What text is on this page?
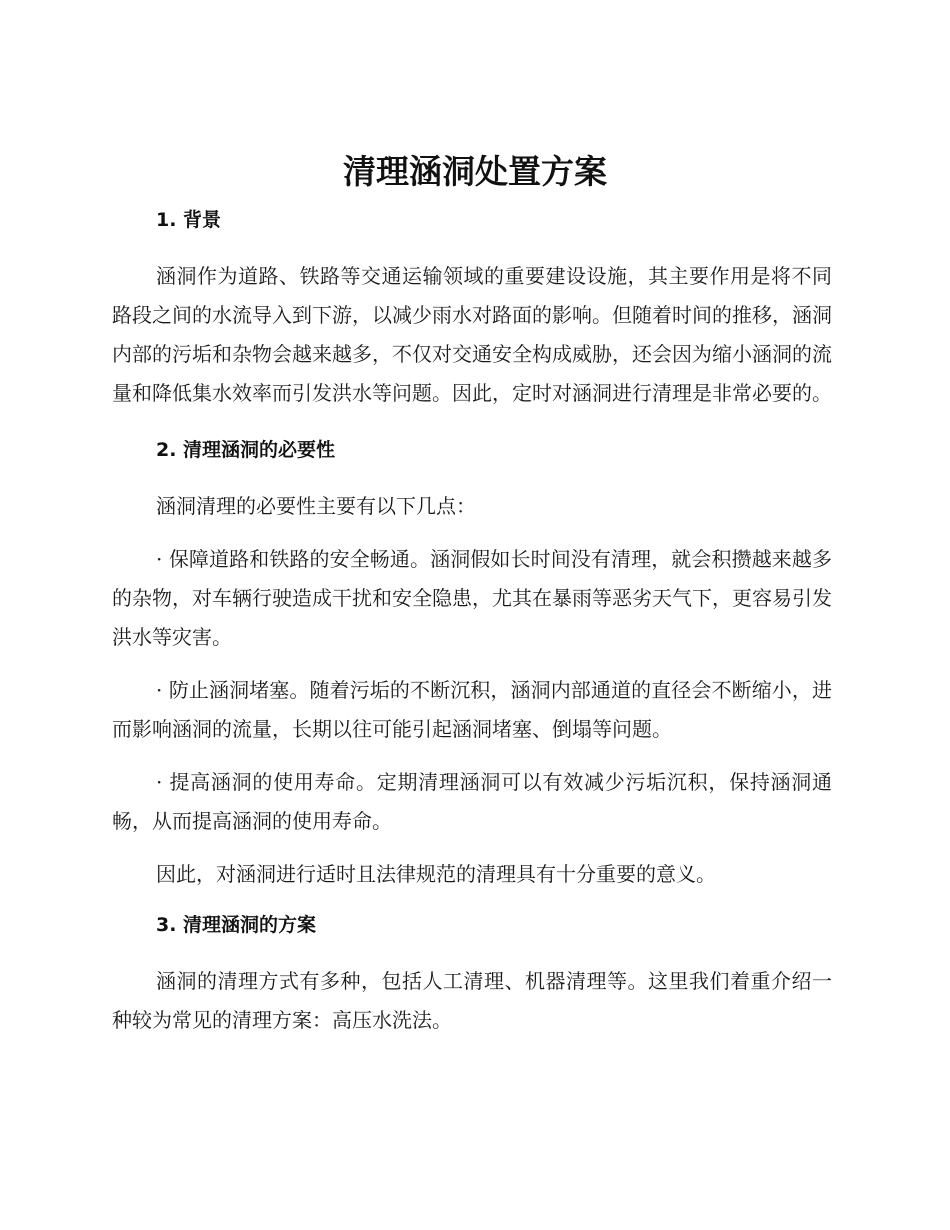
清理涵洞处置方案
1. 背景

涵洞作为道路、铁路等交通运输领域的重要建设设施，其主要作用是将不同路段之间的水流导入到下游，以减少雨水对路面的影响。但随着时间的推移，涵洞内部的污垢和杂物会越来越多，不仅对交通安全构成威胁，还会因为缩小涵洞的流量和降低集水效率而引发洪水等问题。因此，定时对涵洞进行清理是非常必要的。

2. 清理涵洞的必要性

涵洞清理的必要性主要有以下几点：

· 保障道路和铁路的安全畅通。涵洞假如长时间没有清理，就会积攒越来越多的杂物，对车辆行驶造成干扰和安全隐患，尤其在暴雨等恶劣天气下，更容易引发洪水等灾害。

· 防止涵洞堵塞。随着污垢的不断沉积，涵洞内部通道的直径会不断缩小，进而影响涵洞的流量，长期以往可能引起涵洞堵塞、倒塌等问题。

· 提高涵洞的使用寿命。定期清理涵洞可以有效减少污垢沉积，保持涵洞通畅，从而提高涵洞的使用寿命。

因此，对涵洞进行适时且法律规范的清理具有十分重要的意义。

3. 清理涵洞的方案

涵洞的清理方式有多种，包括人工清理、机器清理等。这里我们着重介绍一种较为常见的清理方案：高压水洗法。
